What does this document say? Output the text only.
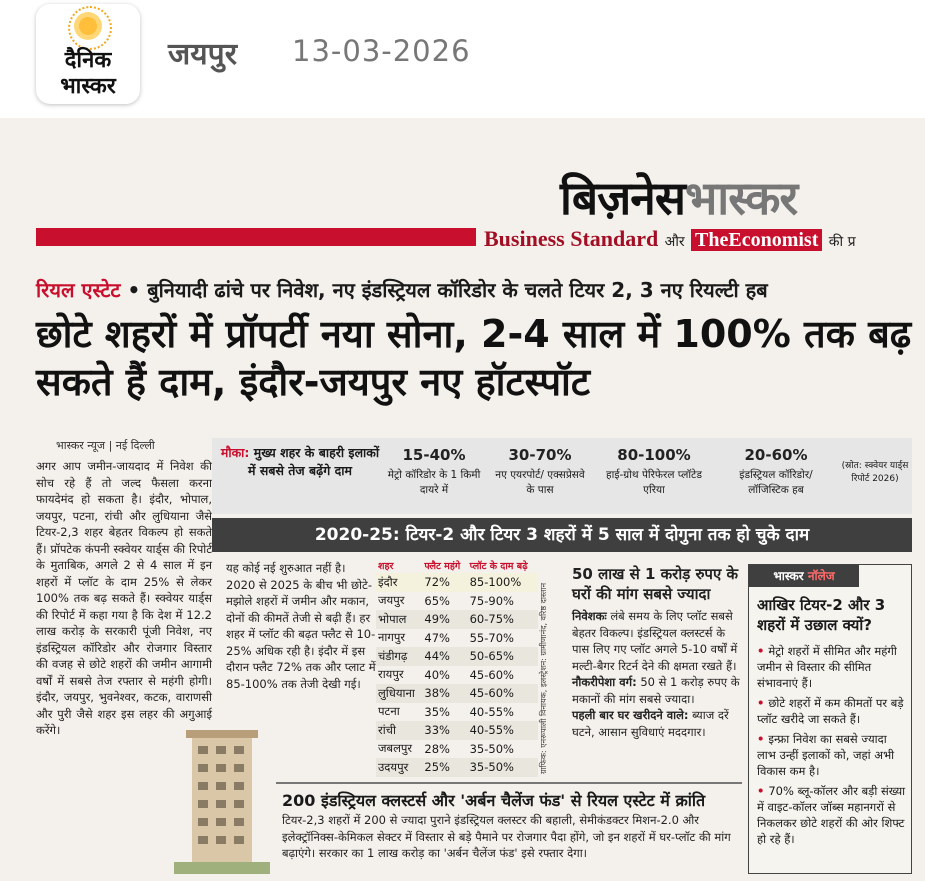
दैनिक
भास्कर
जयपुर 13-03-2026
बिज़नेसभास्कर
Business Standard और TheEconomist की प्र
रियल एस्टेट • बुनियादी ढांचे पर निवेश, नए इंडस्ट्रियल कॉरिडोर के चलते टियर 2, 3 नए रियल्टी हब
छोटे शहरों में प्रॉपर्टी नया सोना, 2-4 साल में 100% तक बढ़ सकते हैं दाम, इंदौर-जयपुर नए हॉटस्पॉट
भास्कर न्यूज | नई दिल्ली
अगर आप जमीन-जायदाद में निवेश की सोच रहे हैं तो जल्द फैसला करना फायदेमंद हो सकता है। इंदौर, भोपाल, जयपुर, पटना, रांची और लुधियाना जैसे टियर-2,3 शहर बेहतर विकल्प हो सकते हैं। प्रॉपटेक कंपनी स्क्वेयर यार्ड्स की रिपोर्ट के मुताबिक, अगले 2 से 4 साल में इन शहरों में प्लॉट के दाम 25% से लेकर 100% तक बढ़ सकते हैं। स्क्वेयर यार्ड्स की रिपोर्ट में कहा गया है कि देश में 12.2 लाख करोड़ के सरकारी पूंजी निवेश, नए इंडस्ट्रियल कॉरिडोर और रोजगार विस्तार की वजह से छोटे शहरों की जमीन आगामी वर्षों में सबसे तेज रफ्तार से महंगी होगी। इंदौर, जयपुर, भुवनेश्वर, कटक, वाराणसी और पुरी जैसे शहर इस लहर की अगुआई करेंगे।
मौका: मुख्य शहर के बाहरी इलाकों में सबसे तेज बढ़ेंगे दाम
15-40%
मेट्रो कॉरिडोर के 1 किमी दायरे में
30-70%
नए एयरपोर्ट/ एक्सप्रेसवे के पास
80-100%
हाई-ग्रोथ पेरिफेरल प्लॉटेड एरिया
20-60%
इंडस्ट्रियल कॉरिडोर/ लॉजिस्टिक हब
(स्रोत: स्क्वेयर यार्ड्स रिपोर्ट 2026)
2020-25: टियर-2 और टियर 3 शहरों में 5 साल में दोगुना तक हो चुके दाम
यह कोई नई शुरुआत नहीं है। 2020 से 2025 के बीच भी छोटे-मझोले शहरों में जमीन और मकान, दोनों की कीमतें तेजी से बढ़ी हैं। हर शहर में प्लॉट की बढ़त फ्लैट से 10-25% अधिक रही है। इंदौर में इस दौरान फ्लैट 72% तक और प्लाट में 85-100% तक तेजी देखी गई।
शहर	फ्लैट महंगे	प्लॉट के दाम बढ़े
इंदौर	72%	85-100%
जयपुर	65%	75-90%
भोपाल	49%	60-75%
नागपुर	47%	55-70%
चंडीगढ़	44%	50-65%
रायपुर	40%	45-60%
लुधियाना	38%	45-60%
पटना	35%	40-55%
रांची	33%	40-55%
जबलपुर	28%	35-50%
उदयपुर	25%	35-50%	ग्राफिक: एनरूपाली विनायक, इलस्ट्रेशन: ग्रामीणानंद, वरिष्ठ दास्तान
50 लाख से 1 करोड़ रुपए के घरों की मांग सबसे ज्यादा

निवेशकः लंबे समय के लिए प्लॉट सबसे बेहतर विकल्प। इंडस्ट्रियल क्लस्टर्स के पास लिए गए प्लॉट अगले 5-10 वर्षों में मल्टी-बैगर रिटर्न देने की क्षमता रखते हैं।

नौकरीपेशा वर्ग: 50 से 1 करोड़ रुपए के मकानों की मांग सबसे ज्यादा।

पहली बार घर खरीदने वाले: ब्याज दरें घटने, आसान सुविधाएं मददगार।

भास्कर नॉलेज
आखिर टियर-2 और 3 शहरों में उछाल क्यों?
• मेट्रो शहरों में सीमित और महंगी जमीन से विस्तार की सीमित संभावनाएं हैं।
• छोटे शहरों में कम कीमतों पर बड़े प्लॉट खरीदे जा सकते हैं।
• इन्फ्रा निवेश का सबसे ज्यादा लाभ उन्हीं इलाकों को, जहां अभी विकास कम है।
• 70% ब्लू-कॉलर और बड़ी संख्या में वाइट-कॉलर जॉब्स महानगरों से निकलकर छोटे शहरों की ओर शिफ्ट हो रहे हैं।
200 इंडस्ट्रियल क्लस्टर्स और 'अर्बन चैलेंज फंड' से रियल एस्टेट में क्रांति

टियर-2,3 शहरों में 200 से ज्यादा पुराने इंडस्ट्रियल क्लस्टर की बहाली, सेमीकंडक्टर मिशन-2.0 और इलेक्ट्रॉनिक्स-केमिकल सेक्टर में विस्तार से बड़े पैमाने पर रोजगार पैदा होंगे, जो इन शहरों में घर-प्लॉट की मांग बढ़ाएंगे। सरकार का 1 लाख करोड़ का 'अर्बन चैलेंज फंड' इसे रफ्तार देगा।
